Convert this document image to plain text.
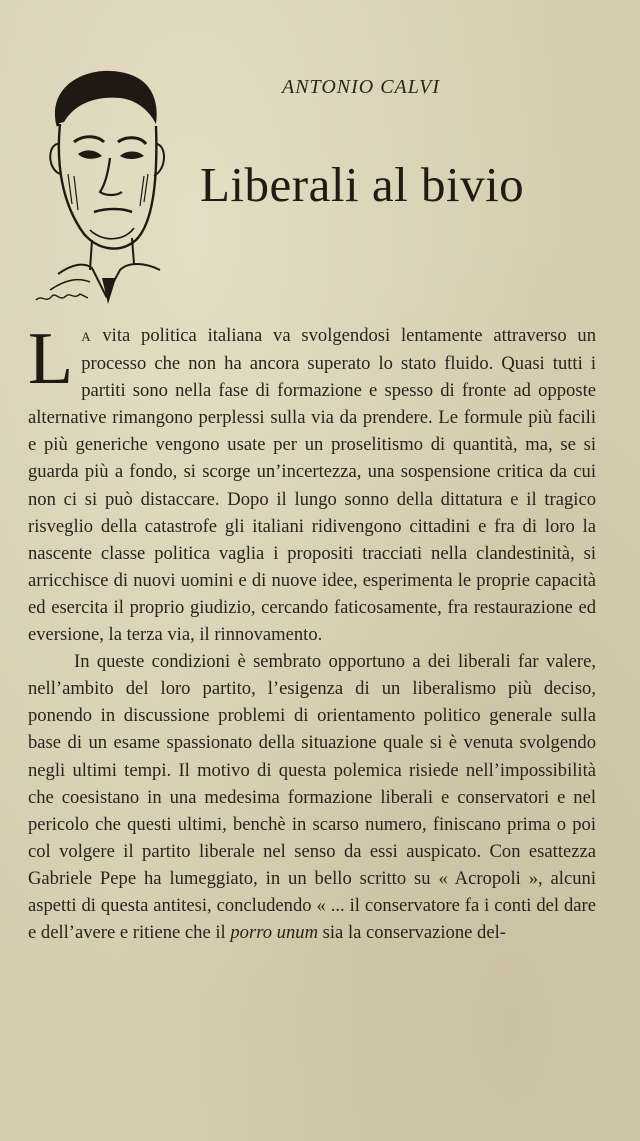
ANTONIO CALVI
Liberali al bivio

L A vita politica italiana va svolgendosi lentamente attraverso un processo che non ha ancora superato lo stato fluido. Quasi tutti i partiti sono nella fase di formazione e spesso di fronte ad opposte alternative rimangono perplessi sulla via da prendere. Le formule più facili e più generiche vengono usate per un proselitismo di quantità, ma, se si guarda più a fondo, si scorge un’incertezza, una sospensione critica da cui non ci si può distaccare. Dopo il lungo sonno della dittatura e il tragico risveglio della catastrofe gli italiani ridivengono cittadini e fra di loro la nascente classe politica vaglia i propositi tracciati nella clandestinità, si arricchisce di nuovi uomini e di nuove idee, esperimenta le proprie capacità ed esercita il proprio giudizio, cercando faticosamente, fra restaurazione ed eversione, la terza via, il rinnovamento.

In queste condizioni è sembrato opportuno a dei liberali far valere, nell’ambito del loro partito, l’esigenza di un liberalismo più deciso, ponendo in discussione problemi di orientamento politico generale sulla base di un esame spassionato della situazione quale si è venuta svolgendo negli ultimi tempi. Il motivo di questa polemica risiede nell’impossibilità che coesistano in una medesima formazione liberali e conservatori e nel pericolo che questi ultimi, benchè in scarso numero, finiscano prima o poi col volgere il partito liberale nel senso da essi auspicato. Con esattezza Gabriele Pepe ha lumeggiato, in un bello scritto su « Acropoli », alcuni aspetti di questa antitesi, concludendo « ... il conservatore fa i conti del dare e dell’avere e ritiene che il porro unum sia la conservazione del-
